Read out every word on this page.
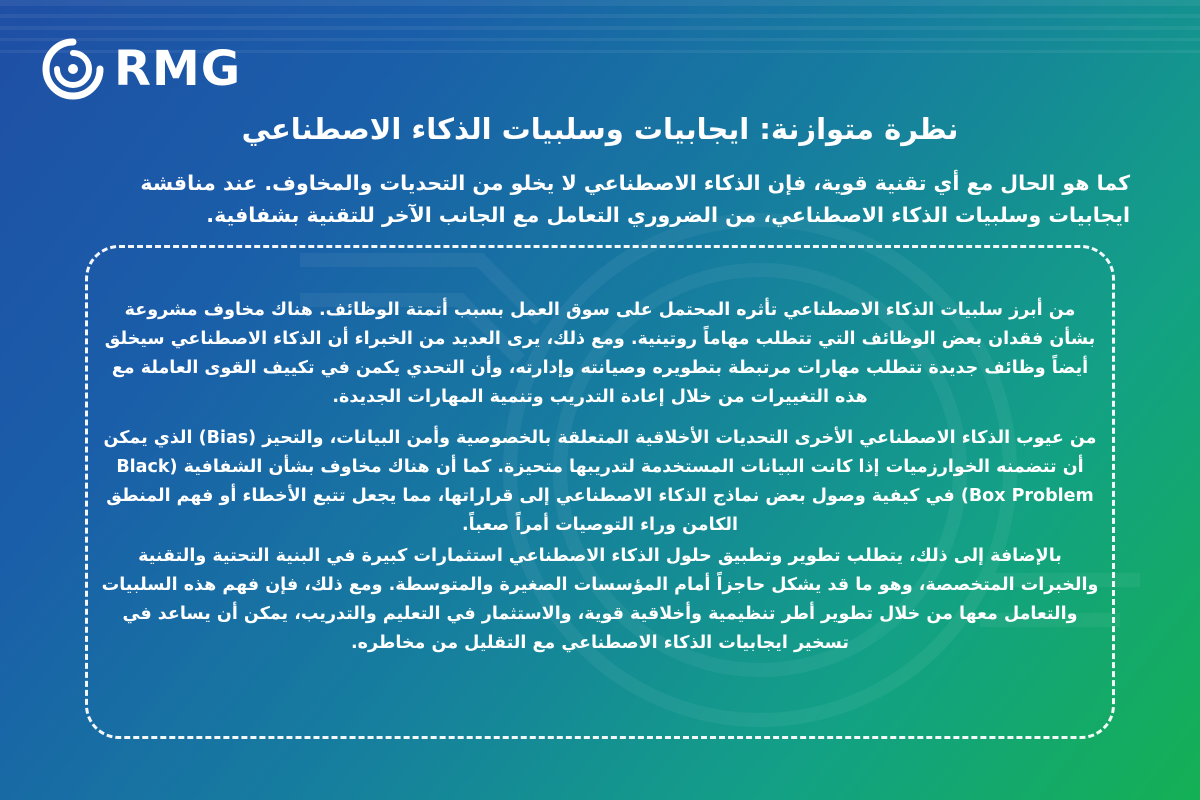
RMG
نظرة متوازنة: ايجابيات وسلبيات الذكاء الاصطناعي

كما هو الحال مع أي تقنية قوية، فإن الذكاء الاصطناعي لا يخلو من التحديات والمخاوف. عند مناقشة ايجابيات وسلبيات الذكاء الاصطناعي، من الضروري التعامل مع الجانب الآخر للتقنية بشفافية.

من أبرز سلبيات الذكاء الاصطناعي تأثره المحتمل على سوق العمل بسبب أتمتة الوظائف. هناك مخاوف مشروعة بشأن فقدان بعض الوظائف التي تتطلب مهاماً روتينية. ومع ذلك، يرى العديد من الخبراء أن الذكاء الاصطناعي سيخلق أيضاً وظائف جديدة تتطلب مهارات مرتبطة بتطويره وصيانته وإدارته، وأن التحدي يكمن في تكييف القوى العاملة مع هذه التغييرات من خلال إعادة التدريب وتنمية المهارات الجديدة.

من عيوب الذكاء الاصطناعي الأخرى التحديات الأخلاقية المتعلقة بالخصوصية وأمن البيانات، والتحيز (Bias) الذي يمكن أن تتضمنه الخوارزميات إذا كانت البيانات المستخدمة لتدريبها متحيزة. كما أن هناك مخاوف بشأن الشفافية (Black Box Problem) في كيفية وصول بعض نماذج الذكاء الاصطناعي إلى قراراتها، مما يجعل تتبع الأخطاء أو فهم المنطق الكامن وراء التوصيات أمراً صعباً.

بالإضافة إلى ذلك، يتطلب تطوير وتطبيق حلول الذكاء الاصطناعي استثمارات كبيرة في البنية التحتية والتقنية والخبرات المتخصصة، وهو ما قد يشكل حاجزاً أمام المؤسسات الصغيرة والمتوسطة. ومع ذلك، فإن فهم هذه السلبيات والتعامل معها من خلال تطوير أطر تنظيمية وأخلاقية قوية، والاستثمار في التعليم والتدريب، يمكن أن يساعد في تسخير ايجابيات الذكاء الاصطناعي مع التقليل من مخاطره.
